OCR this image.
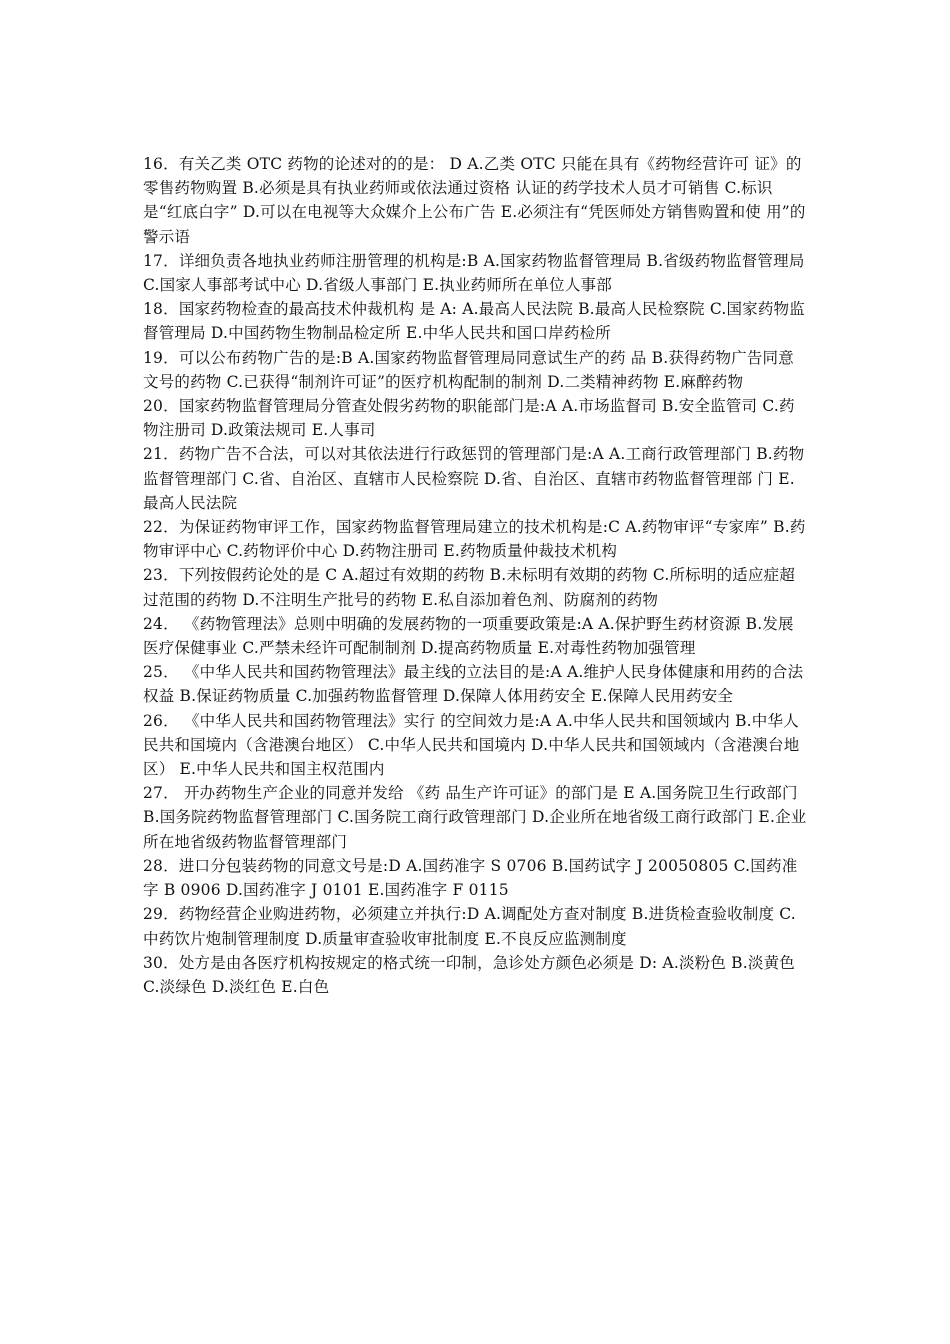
16．有关乙类 OTC 药物的论述对的的是： D A.乙类 OTC 只能在具有《药物经营许可 证》的零售药物购置 B.必须是具有执业药师或依法通过资格 认证的药学技术人员才可销售 C.标识是“红底白字” D.可以在电视等大众媒介上公布广告 E.必须注有“凭医师处方销售购置和使 用”的警示语

17．详细负责各地执业药师注册管理的机构是:B A.国家药物监督管理局 B.省级药物监督管理局 C.国家人事部考试中心 D.省级人事部门 E.执业药师所在单位人事部

18．国家药物检查的最高技术仲裁机构 是 A: A.最高人民法院 B.最高人民检察院 C.国家药物监督管理局 D.中国药物生物制品检定所 E.中华人民共和国口岸药检所

19．可以公布药物广告的是:B A.国家药物监督管理局同意试生产的药 品 B.获得药物广告同意文号的药物 C.已获得“制剂许可证”的医疗机构配制的制剂 D.二类精神药物 E.麻醉药物

20．国家药物监督管理局分管查处假劣药物的职能部门是:A A.市场监督司 B.安全监管司 C.药物注册司 D.政策法规司 E.人事司

21．药物广告不合法，可以对其依法进行行政惩罚的管理部门是:A A.工商行政管理部门 B.药物监督管理部门 C.省、自治区、直辖市人民检察院 D.省、自治区、直辖市药物监督管理部 门 E.最高人民法院

22．为保证药物审评工作，国家药物监督管理局建立的技术机构是:C A.药物审评“专家库” B.药物审评中心 C.药物评价中心 D.药物注册司 E.药物质量仲裁技术机构

23．下列按假药论处的是 C A.超过有效期的药物 B.未标明有效期的药物 C.所标明的适应症超过范围的药物 D.不注明生产批号的药物 E.私自添加着色剂、防腐剂的药物

24． 《药物管理法》总则中明确的发展药物的一项重要政策是:A A.保护野生药材资源 B.发展医疗保健事业 C.严禁未经许可配制制剂 D.提高药物质量 E.对毒性药物加强管理

25． 《中华人民共和国药物管理法》最主线的立法目的是:A A.维护人民身体健康和用药的合法权益 B.保证药物质量 C.加强药物监督管理 D.保障人体用药安全 E.保障人民用药安全

26． 《中华人民共和国药物管理法》实行 的空间效力是:A A.中华人民共和国领域内 B.中华人民共和国境内（含港澳台地区） C.中华人民共和国境内 D.中华人民共和国领域内（含港澳台地 区） E.中华人民共和国主权范围内

27． 开办药物生产企业的同意并发给 《药 品生产许可证》的部门是 E A.国务院卫生行政部门 B.国务院药物监督管理部门 C.国务院工商行政管理部门 D.企业所在地省级工商行政部门 E.企业所在地省级药物监督管理部门

28．进口分包装药物的同意文号是:D A.国药准字 S 0706 B.国药试字 J 20050805 C.国药准字 B 0906 D.国药准字 J 0101 E.国药准字 F 0115

29．药物经营企业购进药物，必须建立并执行:D A.调配处方查对制度 B.进货检查验收制度 C.中药饮片炮制管理制度 D.质量审查验收审批制度 E.不良反应监测制度

30．处方是由各医疗机构按规定的格式统一印制，急诊处方颜色必须是 D: A.淡粉色 B.淡黄色 C.淡绿色 D.淡红色 E.白色
